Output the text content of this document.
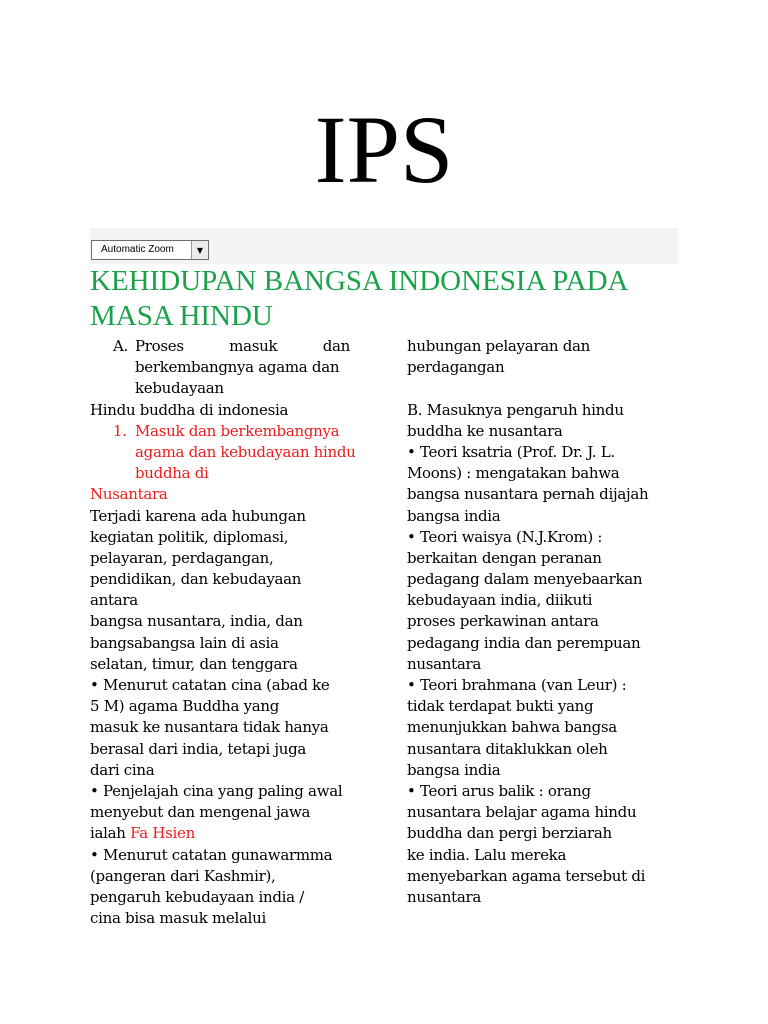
IPS
Automatic Zoom	▼
KEHIDUPAN BANGSA INDONESIA PADA
MASA HINDU
A. Proses masuk dan
berkembangnya agama dan
kebudayaan
Hindu buddha di indonesia
1. Masuk dan berkembangnya
agama dan kebudayaan hindu
buddha di
Nusantara
Terjadi karena ada hubungan
kegiatan politik, diplomasi,
pelayaran, perdagangan,
pendidikan, dan kebudayaan
antara
bangsa nusantara, india, dan
bangsabangsa lain di asia
selatan, timur, dan tenggara
• Menurut catatan cina (abad ke
5 M) agama Buddha yang
masuk ke nusantara tidak hanya
berasal dari india, tetapi juga
dari cina
• Penjelajah cina yang paling awal
menyebut dan mengenal jawa
ialah Fa Hsien
• Menurut catatan gunawarmma
(pangeran dari Kashmir),
pengaruh kebudayaan india /
cina bisa masuk melalui
hubungan pelayaran dan
perdagangan
B. Masuknya pengaruh hindu
buddha ke nusantara
• Teori ksatria (Prof. Dr. J. L.
Moons) : mengatakan bahwa
bangsa nusantara pernah dijajah
bangsa india
• Teori waisya (N.J.Krom) :
berkaitan dengan peranan
pedagang dalam menyebaarkan
kebudayaan india, diikuti
proses perkawinan antara
pedagang india dan perempuan
nusantara
• Teori brahmana (van Leur) :
tidak terdapat bukti yang
menunjukkan bahwa bangsa
nusantara ditaklukkan oleh
bangsa india
• Teori arus balik : orang
nusantara belajar agama hindu
buddha dan pergi berziarah
ke india. Lalu mereka
menyebarkan agama tersebut di
nusantara
